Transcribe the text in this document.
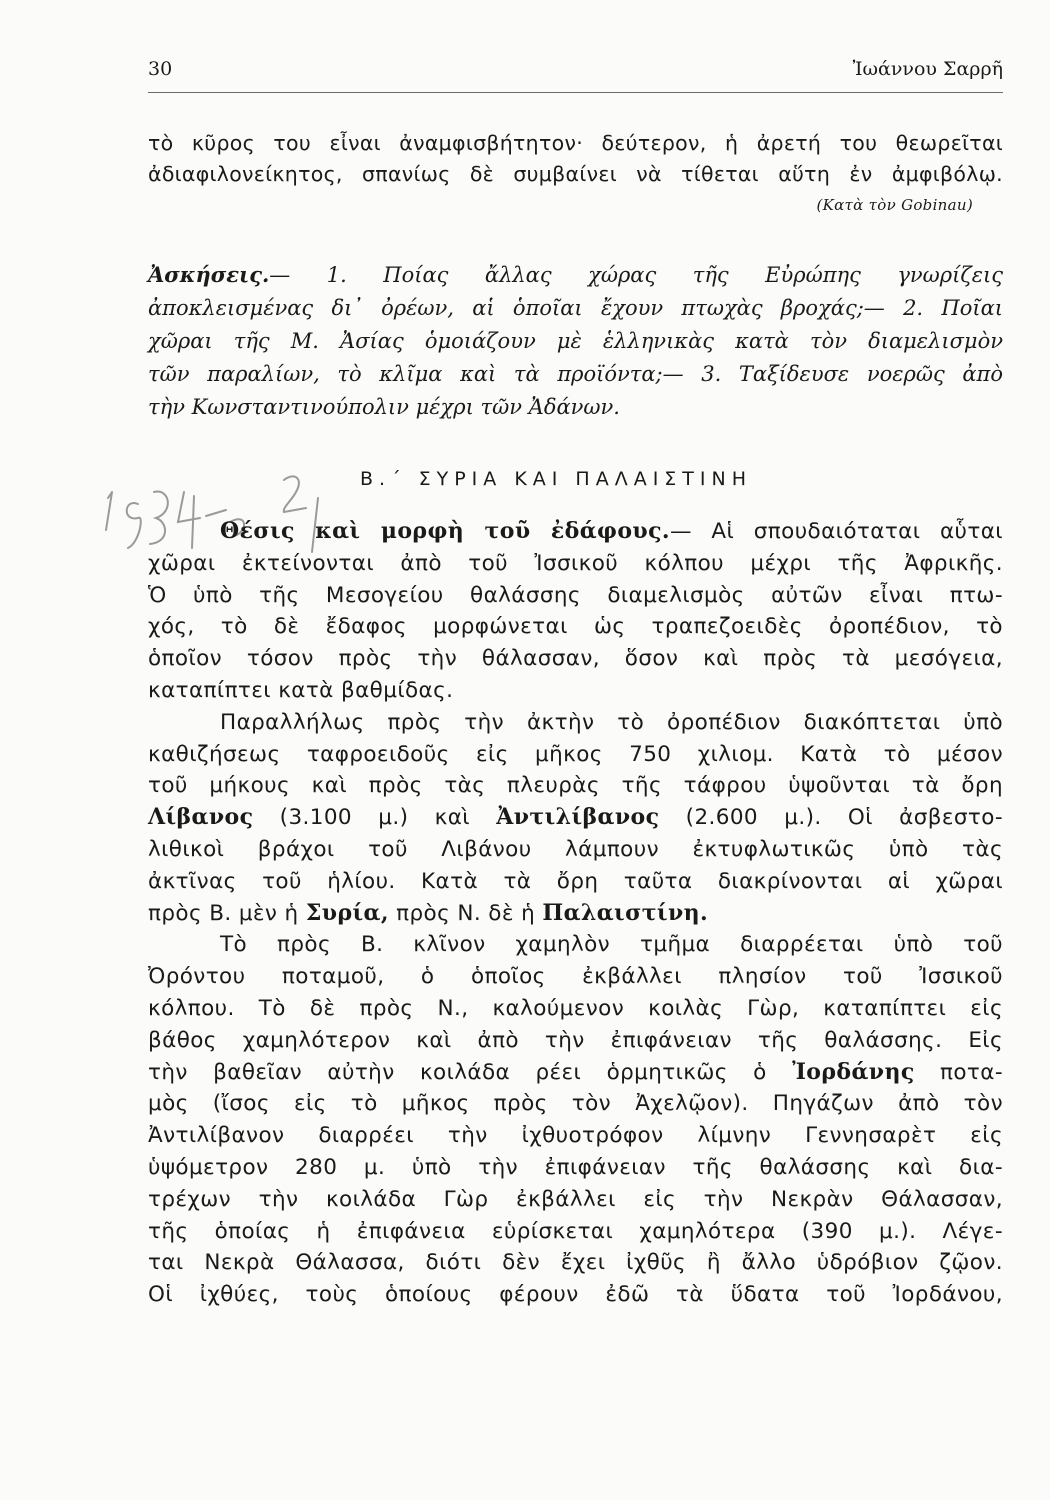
30	Ἰωάννου Σαρρῆ
τὸ κῦρος του εἶναι ἀναμφισβήτητον· δεύτερον, ἡ ἀρετή του θεωρεῖται
ἀδιαφιλονείκητος, σπανίως δὲ συμβαίνει νὰ τίθεται αὕτη ἐν ἀμφιβόλῳ.
(Κατὰ τὸν Gobinau)
Ἀσκήσεις.— 1. Ποίας ἄλλας χώρας τῆς Εὐρώπης γνωρίζεις
ἀποκλεισμένας δι᾿ ὀρέων, αἱ ὁποῖαι ἔχουν πτωχὰς βροχάς;— 2. Ποῖαι
χῶραι τῆς Μ. Ἀσίας ὁμοιάζουν μὲ ἑλληνικὰς κατὰ τὸν διαμελισμὸν
τῶν παραλίων, τὸ κλῖμα καὶ τὰ προϊόντα;— 3. Ταξίδευσε νοερῶς ἀπὸ
τὴν Κωνσταντινούπολιν μέχρι τῶν Ἀδάνων.
Β.΄ ΣΥΡΙΑ ΚΑΙ ΠΑΛΑΙΣΤΙΝΗ
Θέσις καὶ μορφὴ τοῦ ἐδάφους.— Αἱ σπουδαιόταται αὗται
χῶραι ἐκτείνονται ἀπὸ τοῦ Ἰσσικοῦ κόλπου μέχρι τῆς Ἀφρικῆς.
Ὁ ὑπὸ τῆς Μεσογείου θαλάσσης διαμελισμὸς αὐτῶν εἶναι πτω-
χός, τὸ δὲ ἔδαφος μορφώνεται ὡς τραπεζοειδὲς ὀροπέδιον, τὸ
ὁποῖον τόσον πρὸς τὴν θάλασσαν, ὅσον καὶ πρὸς τὰ μεσόγεια,
καταπίπτει κατὰ βαθμίδας.
Παραλλήλως πρὸς τὴν ἀκτὴν τὸ ὀροπέδιον διακόπτεται ὑπὸ
καθιζήσεως ταφροειδοῦς εἰς μῆκος 750 χιλιομ. Κατὰ τὸ μέσον
τοῦ μήκους καὶ πρὸς τὰς πλευρὰς τῆς τάφρου ὑψοῦνται τὰ ὄρη
Λίβανος (3.100 μ.) καὶ Ἀντιλίβανος (2.600 μ.). Οἱ ἀσβεστο-
λιθικοὶ βράχοι τοῦ Λιβάνου λάμπουν ἐκτυφλωτικῶς ὑπὸ τὰς
ἀκτῖνας τοῦ ἡλίου. Κατὰ τὰ ὄρη ταῦτα διακρίνονται αἱ χῶραι
πρὸς Β. μὲν ἡ Συρία, πρὸς Ν. δὲ ἡ Παλαιστίνη.
Τὸ πρὸς Β. κλῖνον χαμηλὸν τμῆμα διαρρέεται ὑπὸ τοῦ
Ὀρόντου ποταμοῦ, ὁ ὁποῖος ἐκβάλλει πλησίον τοῦ Ἰσσικοῦ
κόλπου. Τὸ δὲ πρὸς Ν., καλούμενον κοιλὰς Γὼρ, καταπίπτει εἰς
βάθος χαμηλότερον καὶ ἀπὸ τὴν ἐπιφάνειαν τῆς θαλάσσης. Εἰς
τὴν βαθεῖαν αὐτὴν κοιλάδα ρέει ὁρμητικῶς ὁ Ἰορδάνης ποτα-
μὸς (ἴσος εἰς τὸ μῆκος πρὸς τὸν Ἀχελῷον). Πηγάζων ἀπὸ τὸν
Ἀντιλίβανον διαρρέει τὴν ἰχθυοτρόφον λίμνην Γεννησαρὲτ εἰς
ὑψόμετρον 280 μ. ὑπὸ τὴν ἐπιφάνειαν τῆς θαλάσσης καὶ δια-
τρέχων τὴν κοιλάδα Γὼρ ἐκβάλλει εἰς τὴν Νεκρὰν Θάλασσαν,
τῆς ὁποίας ἡ ἐπιφάνεια εὑρίσκεται χαμηλότερα (390 μ.). Λέγε-
ται Νεκρὰ Θάλασσα, διότι δὲν ἔχει ἰχθῦς ἢ ἄλλο ὑδρόβιον ζῷον.
Οἱ ἰχθύες, τοὺς ὁποίους φέρουν ἐδῶ τὰ ὕδατα τοῦ Ἰορδάνου,
